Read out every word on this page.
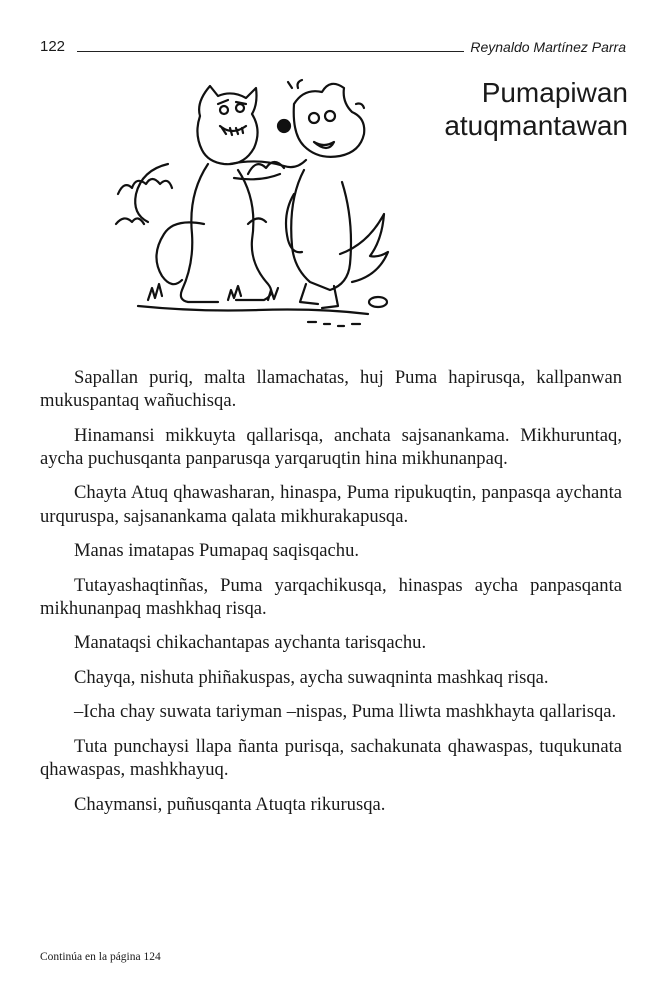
122	Reynaldo Martínez Parra
Pumapiwan
atuqmantawan

Sapallan puriq, malta llamachatas, huj Puma hapirusqa, kallpanwan mukuspantaq wañuchisqa.

Hinamansi mikkuyta qallarisqa, anchata sajsanankama. Mikhuruntaq, aycha puchusqanta panparusqa yarqaruqtin hina mikhunanpaq.

Chayta Atuq qhawasharan, hinaspa, Puma ripukuqtin, panpasqa aychanta urquruspa, sajsanankama qalata mikhurakapusqa.

Manas imatapas Pumapaq saqisqachu.

Tutayashaqtinñas, Puma yarqachikusqa, hinaspas aycha panpasqanta mikhunanpaq mashkhaq risqa.

Manataqsi chikachantapas aychanta tarisqachu.

Chayqa, nishuta phiñakuspas, aycha suwaqninta mashkaq risqa.

–Icha chay suwata tariyman –nispas, Puma lliwta mashkhayta qallarisqa.

Tuta punchaysi llapa ñanta purisqa, sachakunata qhawaspas, tuqukunata qhawaspas, mashkhayuq.

Chaymansi, puñusqanta Atuqta rikurusqa.

Continúa en la página 124
